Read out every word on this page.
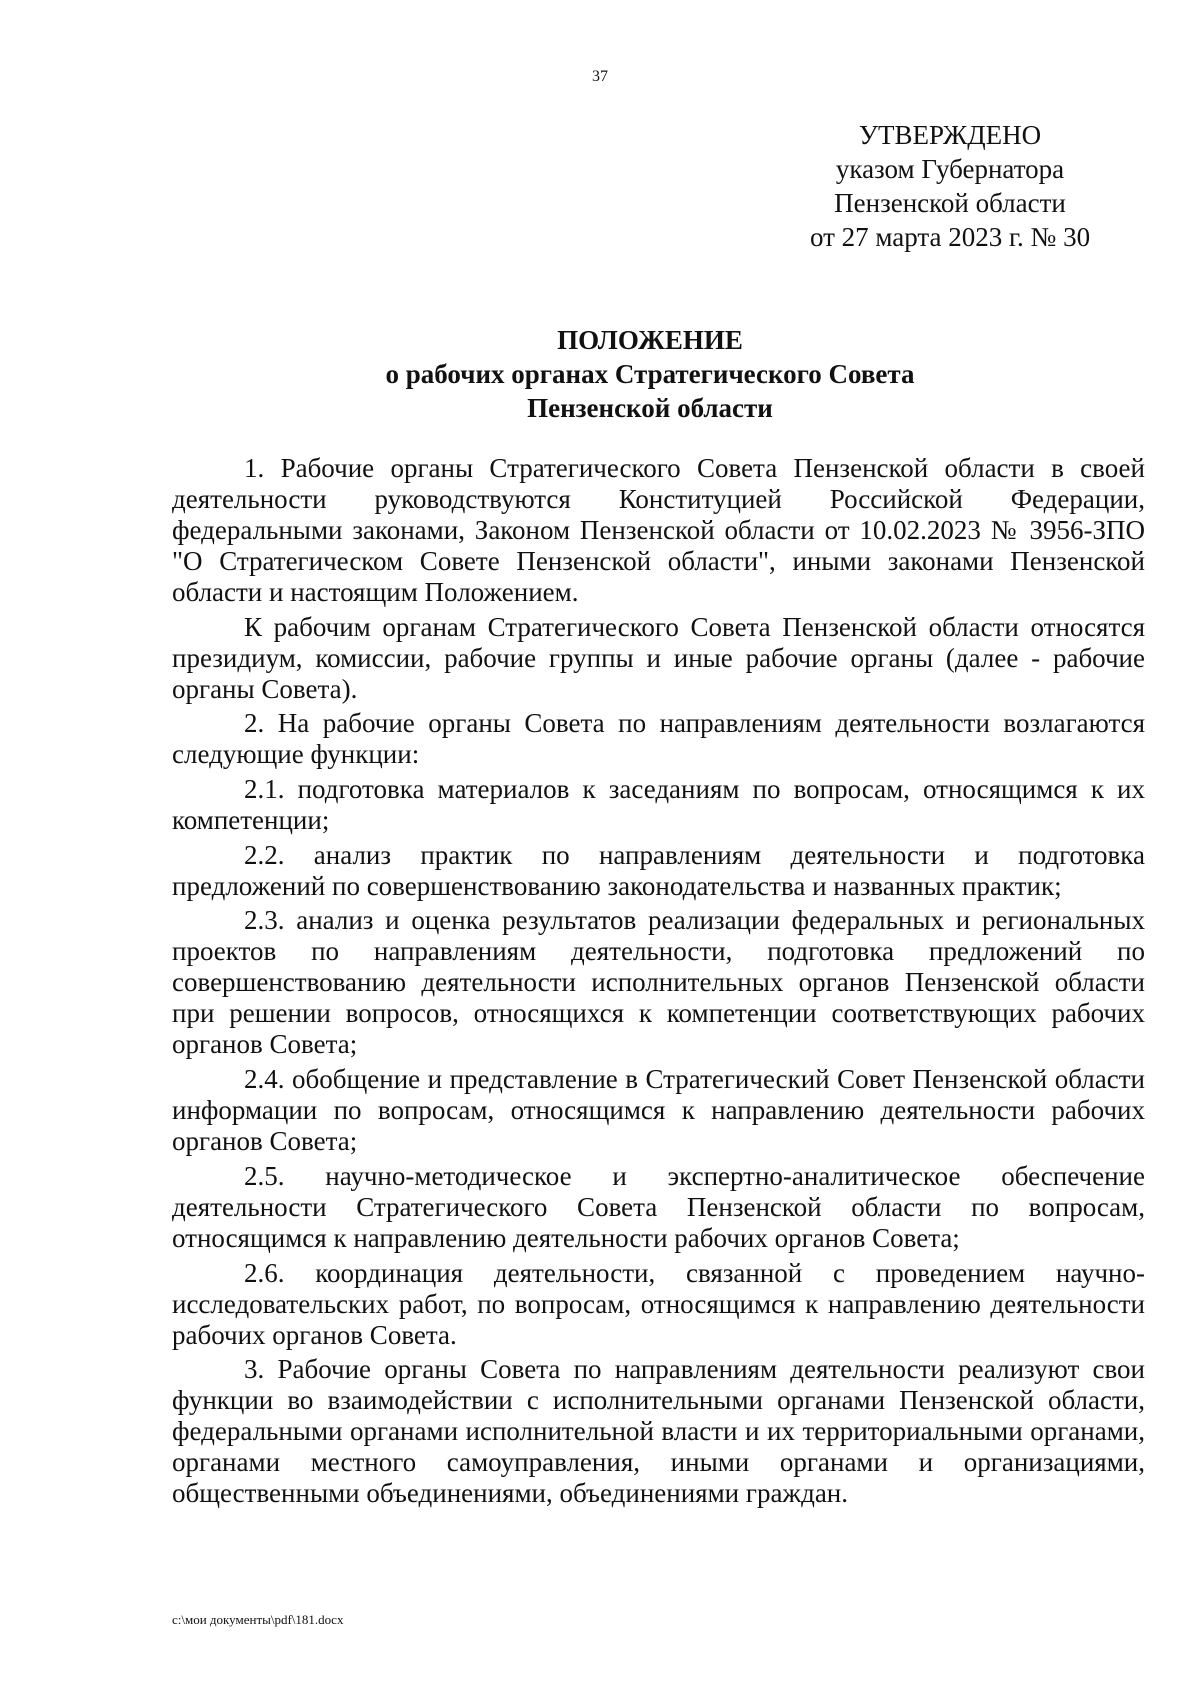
37
УТВЕРЖДЕНО
указом Губернатора
Пензенской области
от 27 марта 2023 г. № 30
ПОЛОЖЕНИЕ
о рабочих органах Стратегического Совета
Пензенской области

1. Рабочие органы Стратегического Совета Пензенской области в своей деятельности руководствуются Конституцией Российской Федерации, федеральными законами, Законом Пензенской области от 10.02.2023 № 3956-ЗПО "О Стратегическом Совете Пензенской области", иными законами Пензенской области и настоящим Положением.

К рабочим органам Стратегического Совета Пензенской области относятся президиум, комиссии, рабочие группы и иные рабочие органы (далее - рабочие органы Совета).

2. На рабочие органы Совета по направлениям деятельности возлагаются следующие функции:

2.1. подготовка материалов к заседаниям по вопросам, относящимся к их компетенции;

2.2. анализ практик по направлениям деятельности и подготовка предложений по совершенствованию законодательства и названных практик;

2.3. анализ и оценка результатов реализации федеральных и региональных проектов по направлениям деятельности, подготовка предложений по совершенствованию деятельности исполнительных органов Пензенской области при решении вопросов, относящихся к компетенции соответствующих рабочих органов Совета;

2.4. обобщение и представление в Стратегический Совет Пензенской области информации по вопросам, относящимся к направлению деятельности рабочих органов Совета;

2.5. научно-методическое и экспертно-аналитическое обеспечение деятельности Стратегического Совета Пензенской области по вопросам, относящимся к направлению деятельности рабочих органов Совета;

2.6. координация деятельности, связанной с проведением научно-исследовательских работ, по вопросам, относящимся к направлению деятельности рабочих органов Совета.

3. Рабочие органы Совета по направлениям деятельности реализуют свои функции во взаимодействии с исполнительными органами Пензенской области, федеральными органами исполнительной власти и их территориальными органами, органами местного самоуправления, иными органами и организациями, общественными объединениями, объединениями граждан.

c:\мои документы\pdf\181.docx
